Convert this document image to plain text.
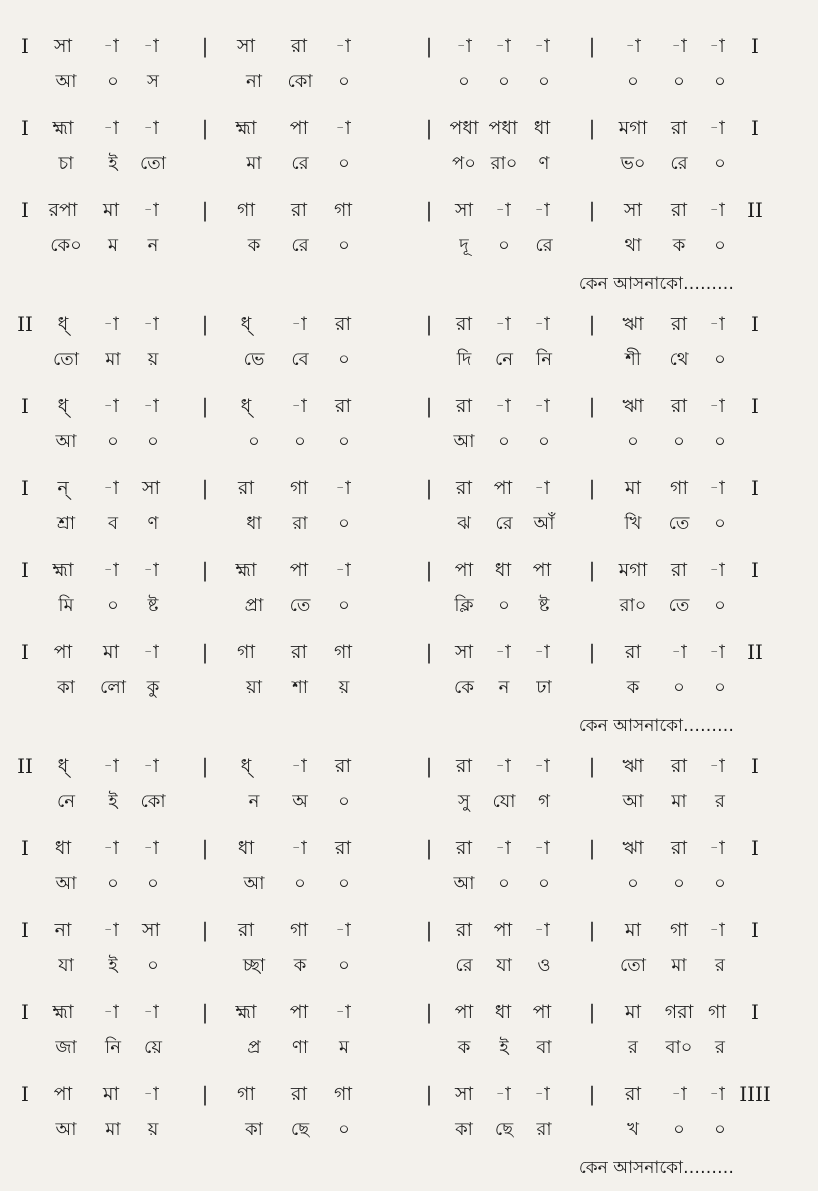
I সা -া -া | সা রা -া	| -া -া -া | -া -া -া I
আ ০ স	না কো ০	০ ০ ০	০ ০ ০
I হ্মা -া -া | হ্মা পা -া	| পধা পধা ধা | মগা রা -া I
চা ই তো	মা রে ০	প০ রা০ ণ	ভ০ রে ০
I রপা মা -া | গা রা গা	| সা -া -া | সা রা -া II
কে০ ম ন	ক রে ০	দূ ০ রে	থা ক ০
কেন আসনাকো………
II ধ্ -া -া | ধ্ -া রা	| রা -া -া | ঋা রা -া I
তো মা য়	ভে বে ০	দি নে নি	শী থে ০
I ধ্ -া -া | ধ্ -া রা	| রা -া -া | ঋা রা -া I
আ ০ ০	০ ০ ০	আ ০ ০	০ ০ ০
I ন্ -া সা | রা গা -া	| রা পা -া | মা গা -া I
শ্রা ব ণ	ধা রা ০	ঝ রে আঁ	খি তে ০
I হ্মা -া -া | হ্মা পা -া	| পা ধা পা | মগা রা -া I
মি ০ ষ্ট	প্রা তে ০	ক্লি ০ ষ্ট	রা০ তে ০
I পা মা -া | গা রা গা	| সা -া -া | রা -া -া II
কা লো কু	য়া শা য়	কে ন ঢা	ক ০ ০
কেন আসনাকো………
II ধ্ -া -া | ধ্ -া রা	| রা -া -া | ঋা রা -া I
নে ই কো	ন অ ০	সু যো গ	আ মা র
I ধা -া -া | ধা -া রা	| রা -া -া | ঋা রা -া I
আ ০ ০	আ ০ ০	আ ০ ০	০ ০ ০
I না -া সা | রা গা -া	| রা পা -া | মা গা -া I
যা ই ০	চ্ছা ক ০	রে যা ও	তো মা র
I হ্মা -া -া | হ্মা পা -া	| পা ধা পা | মা গরা গা I
জা নি য়ে	প্র ণা ম	ক ই বা	র বা০ র
I পা মা -া | গা রা গা	| সা -া -া | রা -া -া IIII
আ মা য়	কা ছে ০	কা ছে রা	খ ০ ০
কেন আসনাকো………
